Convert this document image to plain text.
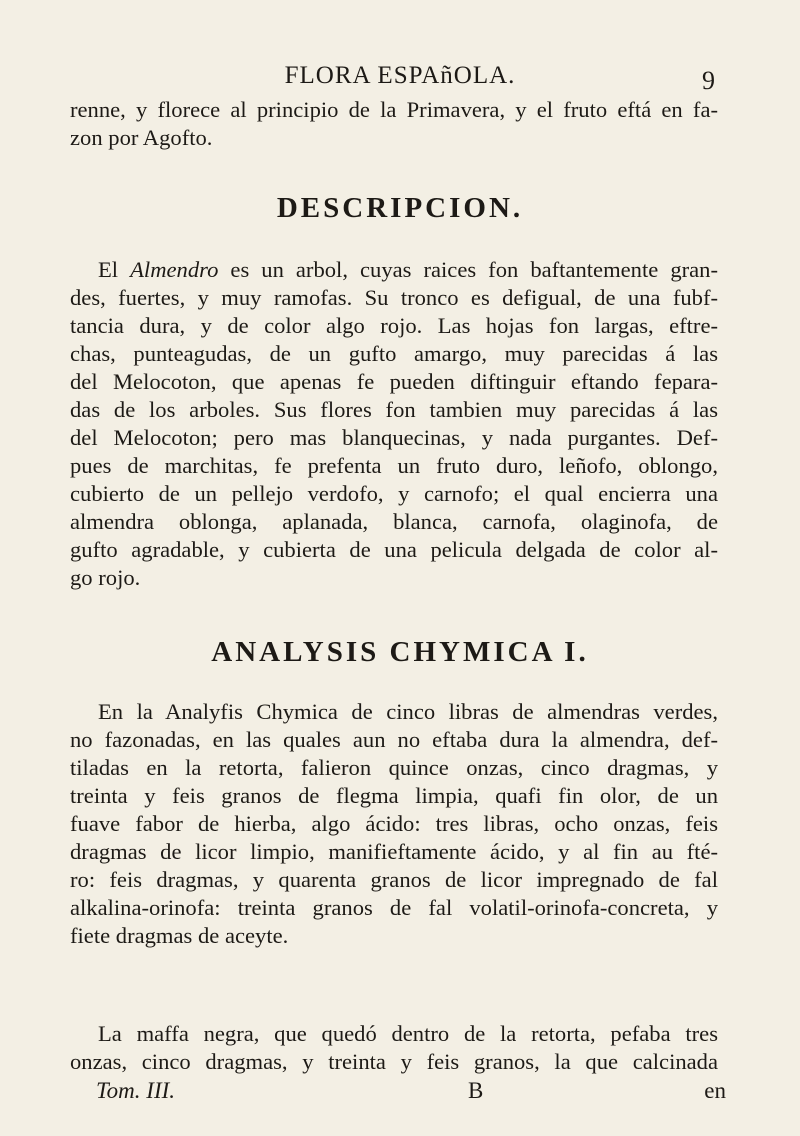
FLORA ESPAñOLA.	9

renne, y florece al principio de la Primavera, y el fruto eftá en fa-
zon por Agofto.

DESCRIPCION.

El Almendro es un arbol, cuyas raices fon baftantemente gran-
des, fuertes, y muy ramofas. Su tronco es defigual, de una fubf-
tancia dura, y de color algo rojo. Las hojas fon largas, eftre-
chas, punteagudas, de un gufto amargo, muy parecidas á las
del Melocoton, que apenas fe pueden diftinguir eftando fepara-
das de los arboles. Sus flores fon tambien muy parecidas á las
del Melocoton; pero mas blanquecinas, y nada purgantes. Def-
pues de marchitas, fe prefenta un fruto duro, leñofo, oblongo,
cubierto de un pellejo verdofo, y carnofo; el qual encierra una
almendra oblonga, aplanada, blanca, carnofa, olaginofa, de
gufto agradable, y cubierta de una pelicula delgada de color al-
go rojo.

ANALYSIS CHYMICA I.

En la Analyfis Chymica de cinco libras de almendras verdes,
no fazonadas, en las quales aun no eftaba dura la almendra, def-
tiladas en la retorta, falieron quince onzas, cinco dragmas, y
treinta y feis granos de flegma limpia, quafi fin olor, de un
fuave fabor de hierba, algo ácido: tres libras, ocho onzas, feis
dragmas de licor limpio, manifieftamente ácido, y al fin au fté-
ro: feis dragmas, y quarenta granos de licor impregnado de fal
alkalina-orinofa: treinta granos de fal volatil-orinofa-concreta, y
fiete dragmas de aceyte.

La maffa negra, que quedó dentro de la retorta, pefaba tres
onzas, cinco dragmas, y treinta y feis granos, la que calcinada

Tom. III.	B	en
